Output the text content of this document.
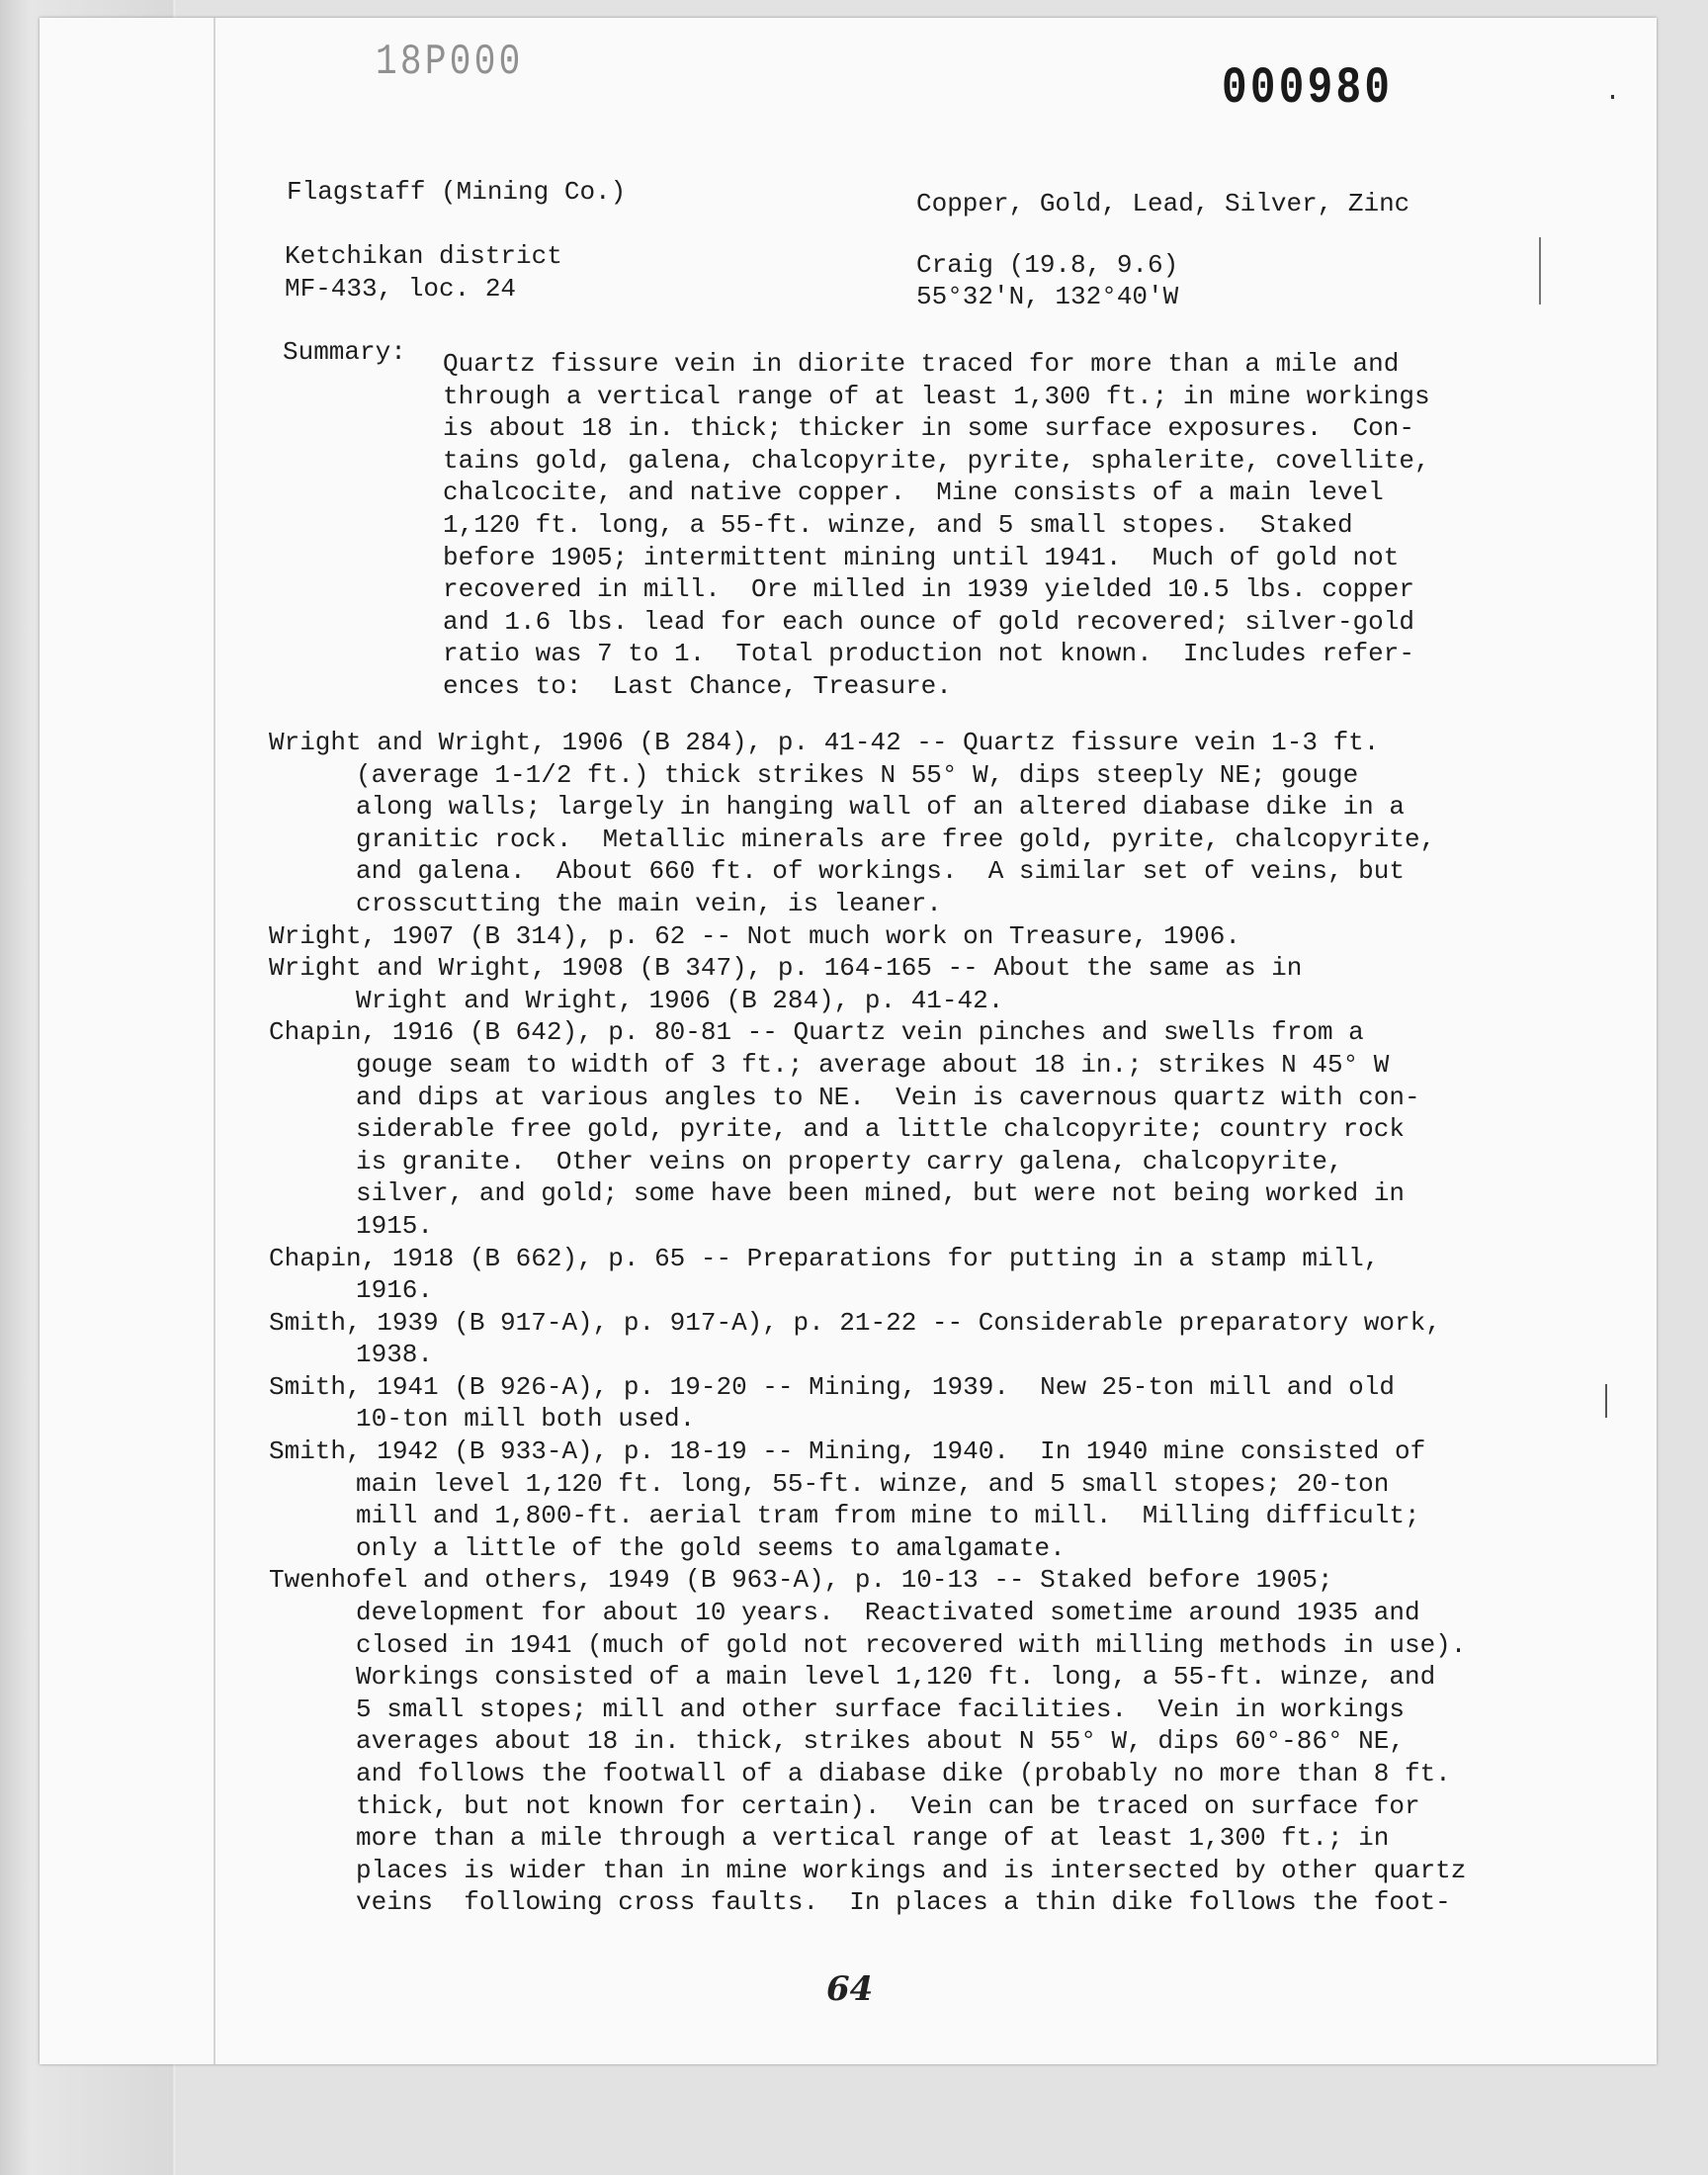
18P000	000980
Flagstaff (Mining Co.)	Copper, Gold, Lead, Silver, Zinc
Ketchikan district
MF-433, loc. 24
Craig (19.8, 9.6)
55°32'N, 132°40'W
Summary: Quartz fissure vein in diorite traced for more than a mile and
through a vertical range of at least 1,300 ft.; in mine workings
is about 18 in. thick; thicker in some surface exposures.  Con-
tains gold, galena, chalcopyrite, pyrite, sphalerite, covellite,
chalcocite, and native copper.  Mine consists of a main level
1,120 ft. long, a 55-ft. winze, and 5 small stopes.  Staked
before 1905; intermittent mining until 1941.  Much of gold not
recovered in mill.  Ore milled in 1939 yielded 10.5 lbs. copper
and 1.6 lbs. lead for each ounce of gold recovered; silver-gold
ratio was 7 to 1.  Total production not known.  Includes refer-
ences to:  Last Chance, Treasure.
Wright and Wright, 1906 (B 284), p. 41-42 -- Quartz fissure vein 1-3 ft.
(average 1-1/2 ft.) thick strikes N 55° W, dips steeply NE; gouge
along walls; largely in hanging wall of an altered diabase dike in a
granitic rock.  Metallic minerals are free gold, pyrite, chalcopyrite,
and galena.  About 660 ft. of workings.  A similar set of veins, but
crosscutting the main vein, is leaner.
Wright, 1907 (B 314), p. 62 -- Not much work on Treasure, 1906.
Wright and Wright, 1908 (B 347), p. 164-165 -- About the same as in
Wright and Wright, 1906 (B 284), p. 41-42.
Chapin, 1916 (B 642), p. 80-81 -- Quartz vein pinches and swells from a
gouge seam to width of 3 ft.; average about 18 in.; strikes N 45° W
and dips at various angles to NE.  Vein is cavernous quartz with con-
siderable free gold, pyrite, and a little chalcopyrite; country rock
is granite.  Other veins on property carry galena, chalcopyrite,
silver, and gold; some have been mined, but were not being worked in
1915.
Chapin, 1918 (B 662), p. 65 -- Preparations for putting in a stamp mill,
1916.
Smith, 1939 (B 917-A), p. 917-A), p. 21-22 -- Considerable preparatory work,
1938.
Smith, 1941 (B 926-A), p. 19-20 -- Mining, 1939.  New 25-ton mill and old
10-ton mill both used.
Smith, 1942 (B 933-A), p. 18-19 -- Mining, 1940.  In 1940 mine consisted of
main level 1,120 ft. long, 55-ft. winze, and 5 small stopes; 20-ton
mill and 1,800-ft. aerial tram from mine to mill.  Milling difficult;
only a little of the gold seems to amalgamate.
Twenhofel and others, 1949 (B 963-A), p. 10-13 -- Staked before 1905;
development for about 10 years.  Reactivated sometime around 1935 and
closed in 1941 (much of gold not recovered with milling methods in use).
Workings consisted of a main level 1,120 ft. long, a 55-ft. winze, and
5 small stopes; mill and other surface facilities.  Vein in workings
averages about 18 in. thick, strikes about N 55° W, dips 60°-86° NE,
and follows the footwall of a diabase dike (probably no more than 8 ft.
thick, but not known for certain).  Vein can be traced on surface for
more than a mile through a vertical range of at least 1,300 ft.; in
places is wider than in mine workings and is intersected by other quartz
veins  following cross faults.  In places a thin dike follows the foot-
64
